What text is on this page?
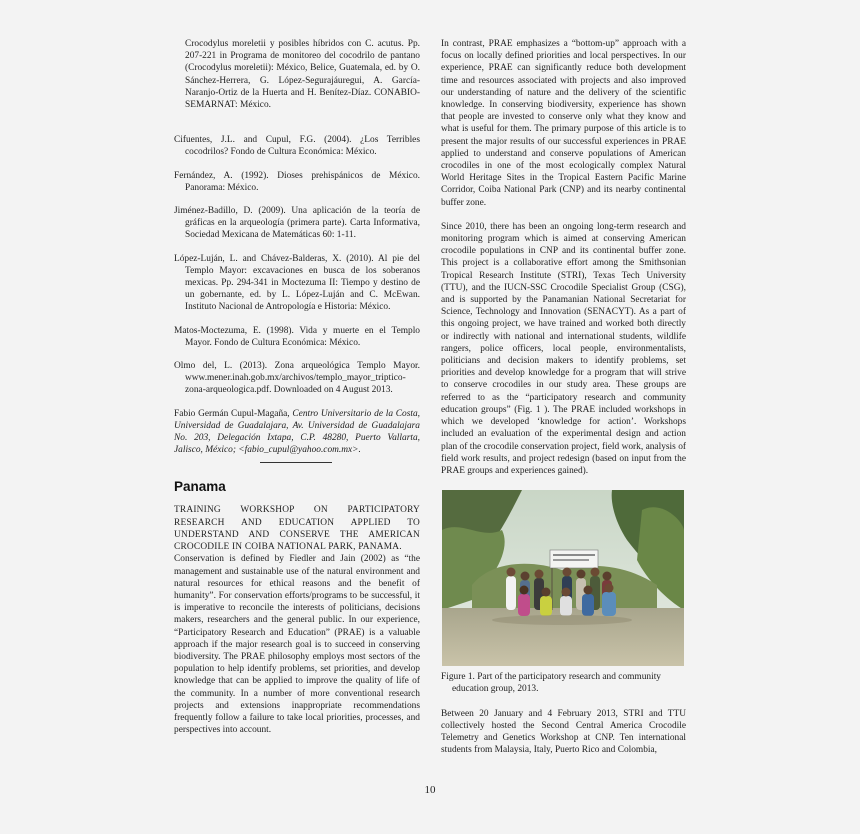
Crocodylus moreletii y posibles híbridos con C. acutus. Pp. 207-221 in Programa de monitoreo del cocodrilo de pantano (Crocodylus moreletii): México, Belice, Guatemala, ed. by O. Sánchez-Herrera, G. López-Segurajáuregui, A. García-Naranjo-Ortiz de la Huerta and H. Benítez-Díaz. CONABIO-SEMARNAT: México.

Cifuentes, J.L. and Cupul, F.G. (2004). ¿Los Terribles cocodrilos? Fondo de Cultura Económica: México.

Fernández, A. (1992). Dioses prehispánicos de México. Panorama: México.

Jiménez-Badillo, D. (2009). Una aplicación de la teoría de gráficas en la arqueología (primera parte). Carta Informativa, Sociedad Mexicana de Matemáticas 60: 1-11.

López-Luján, L. and Chávez-Balderas, X. (2010). Al pie del Templo Mayor: excavaciones en busca de los soberanos mexicas. Pp. 294-341 in Moctezuma II: Tiempo y destino de un gobernante, ed. by L. López-Luján and C. McEwan. Instituto Nacional de Antropología e Historia: México.

Matos-Moctezuma, E. (1998). Vida y muerte en el Templo Mayor. Fondo de Cultura Económica: México.

Olmo del, L. (2013). Zona arqueológica Templo Mayor. www.mener.inah.gob.mx/archivos/templo_mayor_triptico-zona-arqueologica.pdf. Downloaded on 4 August 2013.

Fabio Germán Cupul-Magaña, Centro Universitario de la Costa, Universidad de Guadalajara, Av. Universidad de Guadalajara No. 203, Delegación Ixtapa, C.P. 48280, Puerto Vallarta, Jalisco, México; <fabio_cupul@yahoo.com.mx>.

Panama

TRAINING WORKSHOP ON PARTICIPATORY RESEARCH AND EDUCATION APPLIED TO UNDERSTAND AND CONSERVE THE AMERICAN CROCODILE IN COIBA NATIONAL PARK, PANAMA.

Conservation is defined by Fiedler and Jain (2002) as “the management and sustainable use of the natural environment and natural resources for ethical reasons and the benefit of humanity”. For conservation efforts/programs to be successful, it is imperative to reconcile the interests of politicians, decisions makers, researchers and the general public. In our experience, “Participatory Research and Education” (PRAE) is a valuable approach if the major research goal is to succeed in conserving biodiversity. The PRAE philosophy employs most sectors of the population to help identify problems, set priorities, and develop knowledge that can be applied to improve the quality of life of the community. In a number of more conventional research projects and extensions inappropriate recommendations frequently follow a failure to take local priorities, processes, and perspectives into account.

In contrast, PRAE emphasizes a “bottom-up” approach with a focus on locally defined priorities and local perspectives. In our experience, PRAE can significantly reduce both development time and resources associated with projects and also improved our understanding of nature and the delivery of the scientific knowledge. In conserving biodiversity, experience has shown that people are invested to conserve only what they know and what is useful for them. The primary purpose of this article is to present the major results of our successful experiences in PRAE applied to understand and conserve populations of American crocodiles in one of the most ecologically complex Natural World Heritage Sites in the Tropical Eastern Pacific Marine Corridor, Coiba National Park (CNP) and its nearby continental buffer zone.

Since 2010, there has been an ongoing long-term research and monitoring program which is aimed at conserving American crocodile populations in CNP and its continental buffer zone. This project is a collaborative effort among the Smithsonian Tropical Research Institute (STRI), Texas Tech University (TTU), and the IUCN-SSC Crocodile Specialist Group (CSG), and is supported by the Panamanian National Secretariat for Science, Technology and Innovation (SENACYT). As a part of this ongoing project, we have trained and worked both directly or indirectly with national and international students, wildlife rangers, police officers, local people, environmentalists, politicians and decision makers to identify problems, set priorities and develop knowledge for a program that will strive to conserve crocodiles in our study area. These groups are referred to as the “participatory research and community education groups” (Fig. 1 ). The PRAE included workshops in which we developed ‘knowledge for action’. Workshops included an evaluation of the experimental design and action plan of the crocodile conservation project, field work, analysis of field work results, and project redesign (based on input from the PRAE groups and experiences gained).

Figure 1. Part of the participatory research and community education group, 2013.

Between 20 January and 4 February 2013, STRI and TTU collectively hosted the Second Central America Crocodile Telemetry and Genetics Workshop at CNP. Ten international students from Malaysia, Italy, Puerto Rico and Colombia,

10
